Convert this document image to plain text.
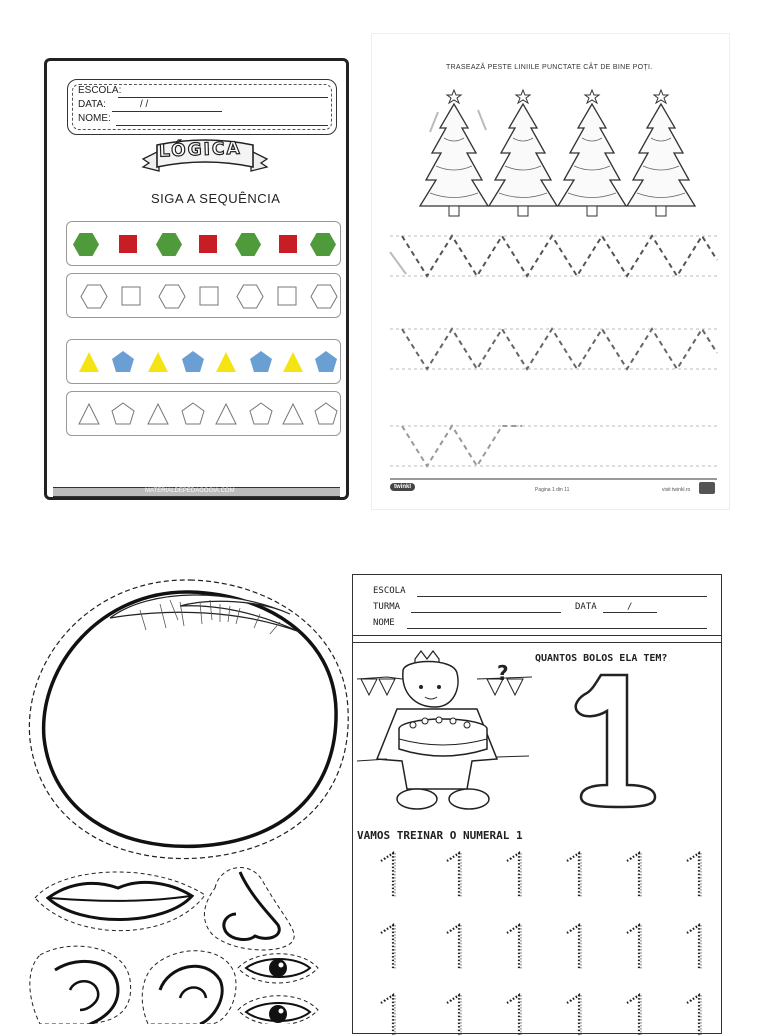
ESCOLA:
DATA:	/ /
NOME:
LÓGICA
SIGA A SEQUÊNCIA
MATERIALDEPEDAGOGIA.COM
TRASEAZĂ PESTE LINIILE PUNCTATE CÂT DE BINE POȚI.
twinkl	Pagina 1 din 11	visit twinkl.ro
ESCOLA
TURMA	DATA	/
NOME
QUANTOS BOLOS ELA TEM?
?
VAMOS TREINAR O NUMERAL 1
